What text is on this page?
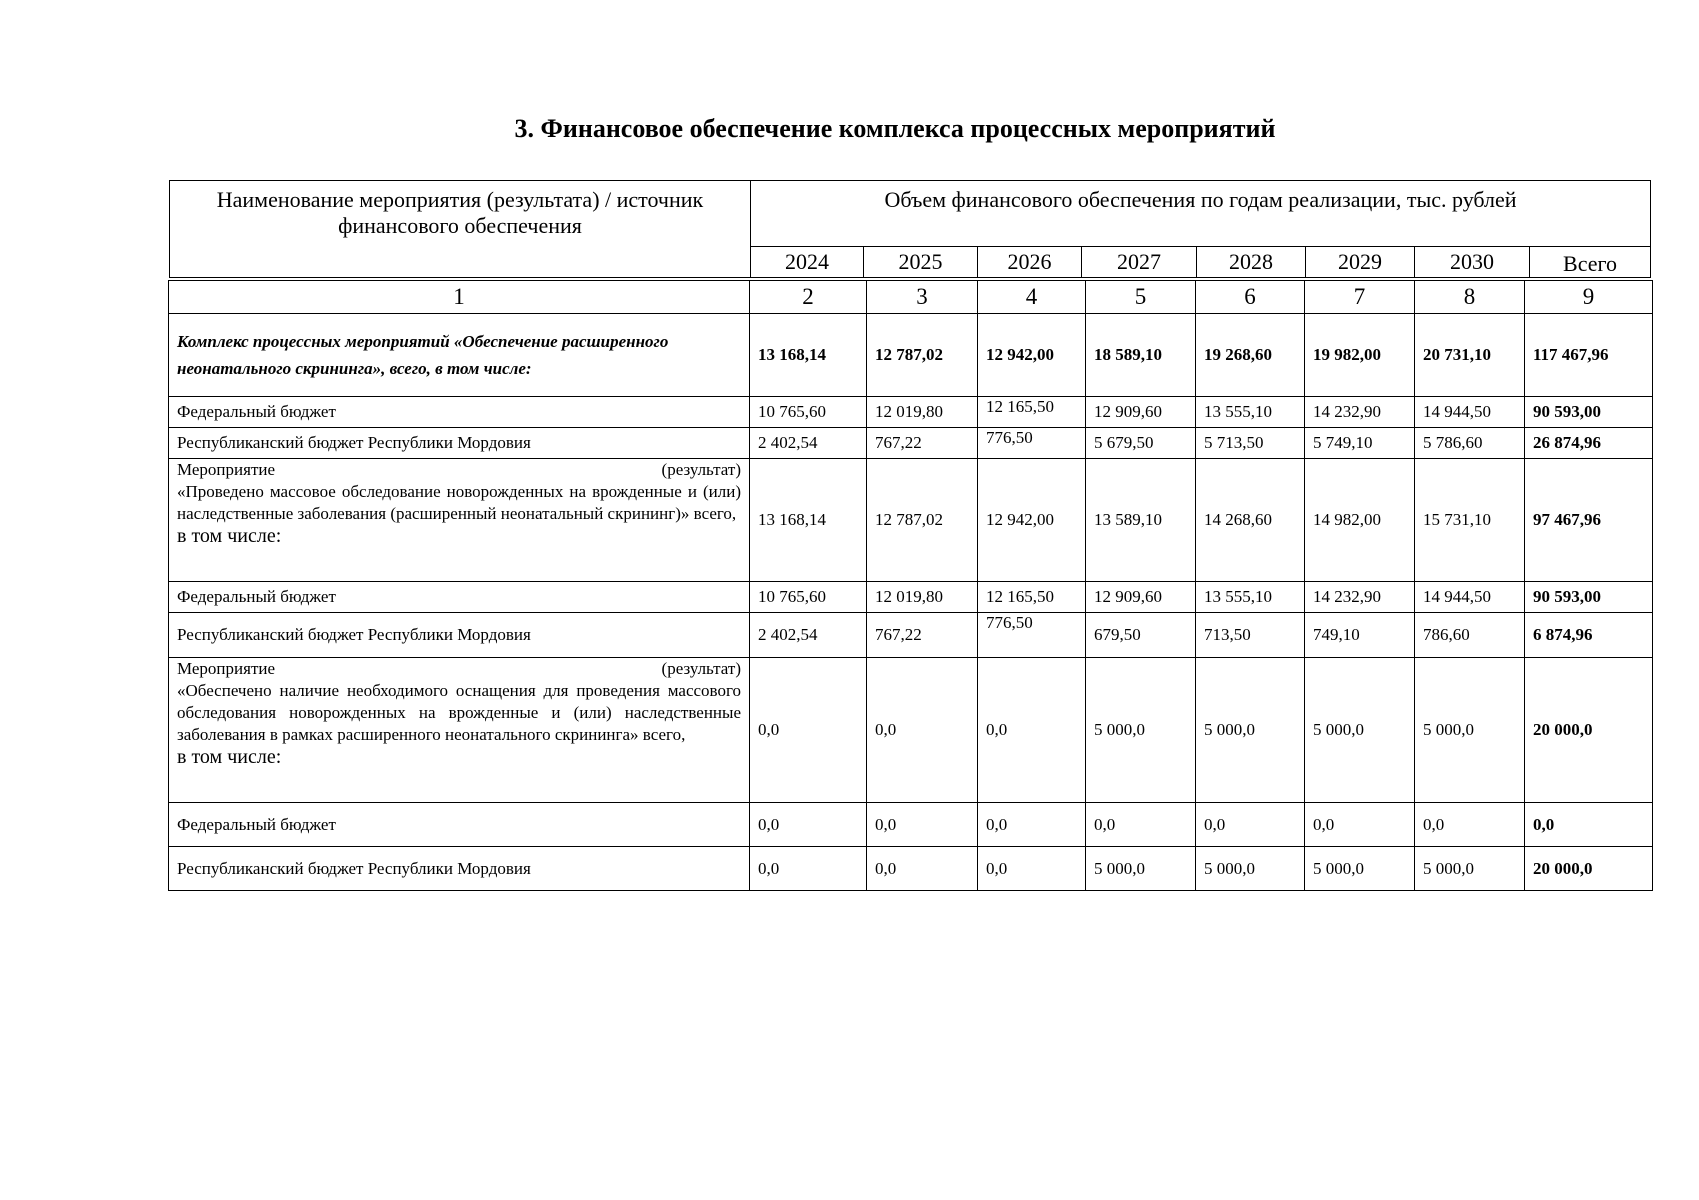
3. Финансовое обеспечение комплекса процессных мероприятий
Наименование мероприятия (результата) / источник финансового обеспечения	Объем финансового обеспечения по годам реализации, тыс. рублей							
	2024	2025	2026	2027	2028	2029	2030	Всего
1	2	3	4	5	6	7	8	9
Комплекс процессных мероприятий «Обеспечение расширенного неонатального скрининга», всего, в том числе:	13 168,14	12 787,02	12 942,00	18 589,10	19 268,60	19 982,00	20 731,10	117 467,96
Федеральный бюджет	10 765,60	12 019,80	12 165,50	12 909,60	13 555,10	14 232,90	14 944,50	90 593,00
Республиканский бюджет Республики Мордовия	2 402,54	767,22	776,50	5 679,50	5 713,50	5 749,10	5 786,60	26 874,96

Мероприятие (результат)
«Проведено массовое обследование новорожденных на врожденные и (или) наследственные заболевания (расширенный неонатальный скрининг)» всего,
в том числе:	13 168,14	12 787,02	12 942,00	13 589,10	14 268,60	14 982,00	15 731,10	97 467,96
Федеральный бюджет	10 765,60	12 019,80	12 165,50	12 909,60	13 555,10	14 232,90	14 944,50	90 593,00
Республиканский бюджет Республики Мордовия	2 402,54	767,22	776,50	679,50	713,50	749,10	786,60	6 874,96

Мероприятие (результат)
«Обеспечено наличие необходимого оснащения для проведения массового обследования новорожденных на врожденные и (или) наследственные заболевания в рамках расширенного неонатального скрининга» всего,
в том числе:	0,0	0,0	0,0	5 000,0	5 000,0	5 000,0	5 000,0	20 000,0
Федеральный бюджет	0,0	0,0	0,0	0,0	0,0	0,0	0,0	0,0
Республиканский бюджет Республики Мордовия	0,0	0,0	0,0	5 000,0	5 000,0	5 000,0	5 000,0	20 000,0
